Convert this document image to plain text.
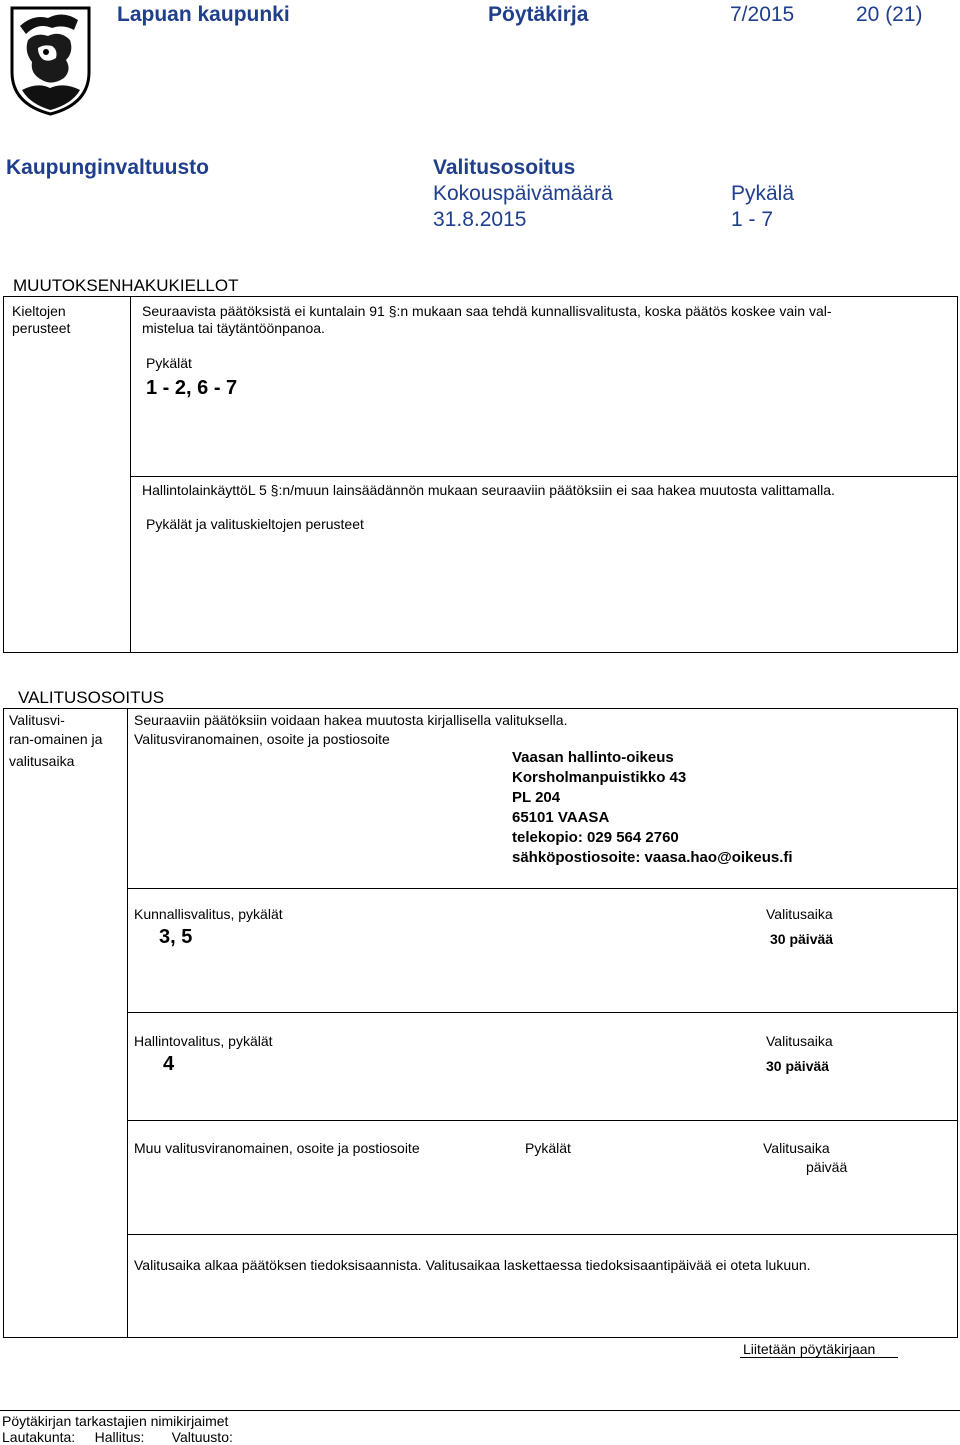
Lapuan kaupunki	Pöytäkirja	7/2015	20 (21)
Kaupunginvaltuusto	Valitusosoitus
Kokouspäivämäärä	Pykälä
31.8.2015	1 - 7
MUUTOKSENHAKUKIELLOT
Kieltojen
perusteet
Seuraavista päätöksistä ei kuntalain 91 §:n mukaan saa tehdä kunnallisvalitusta, koska päätös koskee vain val-
mistelua tai täytäntöönpanoa.
Pykälät
1 - 2, 6 - 7
HallintolainkäyttöL 5 §:n/muun lainsäädännön mukaan seuraaviin päätöksiin ei saa hakea muutosta valittamalla.
Pykälät ja valituskieltojen perusteet
VALITUSOSOITUS
Valitusvi-
ran-omainen ja
valitusaika
Seuraaviin päätöksiin voidaan hakea muutosta kirjallisella valituksella.
Valitusviranomainen, osoite ja postiosoite
Vaasan hallinto-oikeus
Korsholmanpuistikko 43
PL 204
65101 VAASA
telekopio: 029 564 2760
sähköpostiosoite: vaasa.hao@oikeus.fi
Kunnallisvalitus, pykälät	Valitusaika
3, 5	30 päivää
Hallintovalitus, pykälät	Valitusaika
4	30 päivää
Muu valitusviranomainen, osoite ja postiosoite	Pykälät	Valitusaika
päivää
Valitusaika alkaa päätöksen tiedoksisaannista. Valitusaikaa laskettaessa tiedoksisaantipäivää ei oteta lukuun.
Liitetään pöytäkirjaan
Pöytäkirjan tarkastajien nimikirjaimet
Lautakunta:     Hallitus:       Valtuusto:
